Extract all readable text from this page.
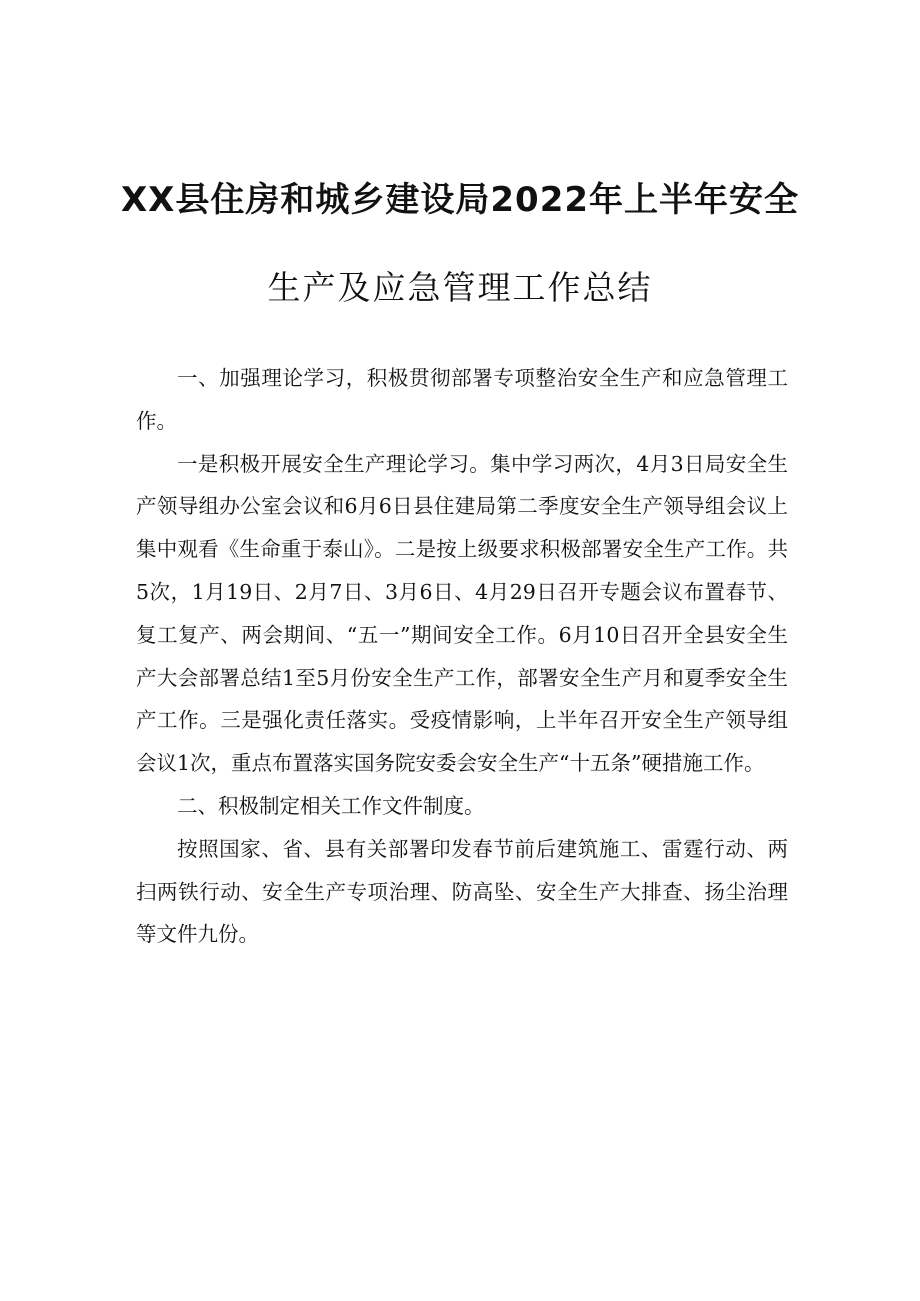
XX县住房和城乡建设局2022年上半年安全
生产及应急管理工作总结

一、加强理论学习，积极贯彻部署专项整治安全生产和应急管理工作。

一是积极开展安全生产理论学习。集中学习两次，4月3日局安全生产领导组办公室会议和6月6日县住建局第二季度安全生产领导组会议上集中观看《生命重于泰山》。二是按上级要求积极部署安全生产工作。共5次，1月19日、2月7日、3月6日、4月29日召开专题会议布置春节、复工复产、两会期间、“五一”期间安全工作。6月10日召开全县安全生产大会部署总结1至5月份安全生产工作，部署安全生产月和夏季安全生产工作。三是强化责任落实。受疫情影响，上半年召开安全生产领导组会议1次，重点布置落实国务院安委会安全生产“十五条”硬措施工作。

二、积极制定相关工作文件制度。

按照国家、省、县有关部署印发春节前后建筑施工、雷霆行动、两扫两铁行动、安全生产专项治理、防高坠、安全生产大排查、扬尘治理等文件九份。
